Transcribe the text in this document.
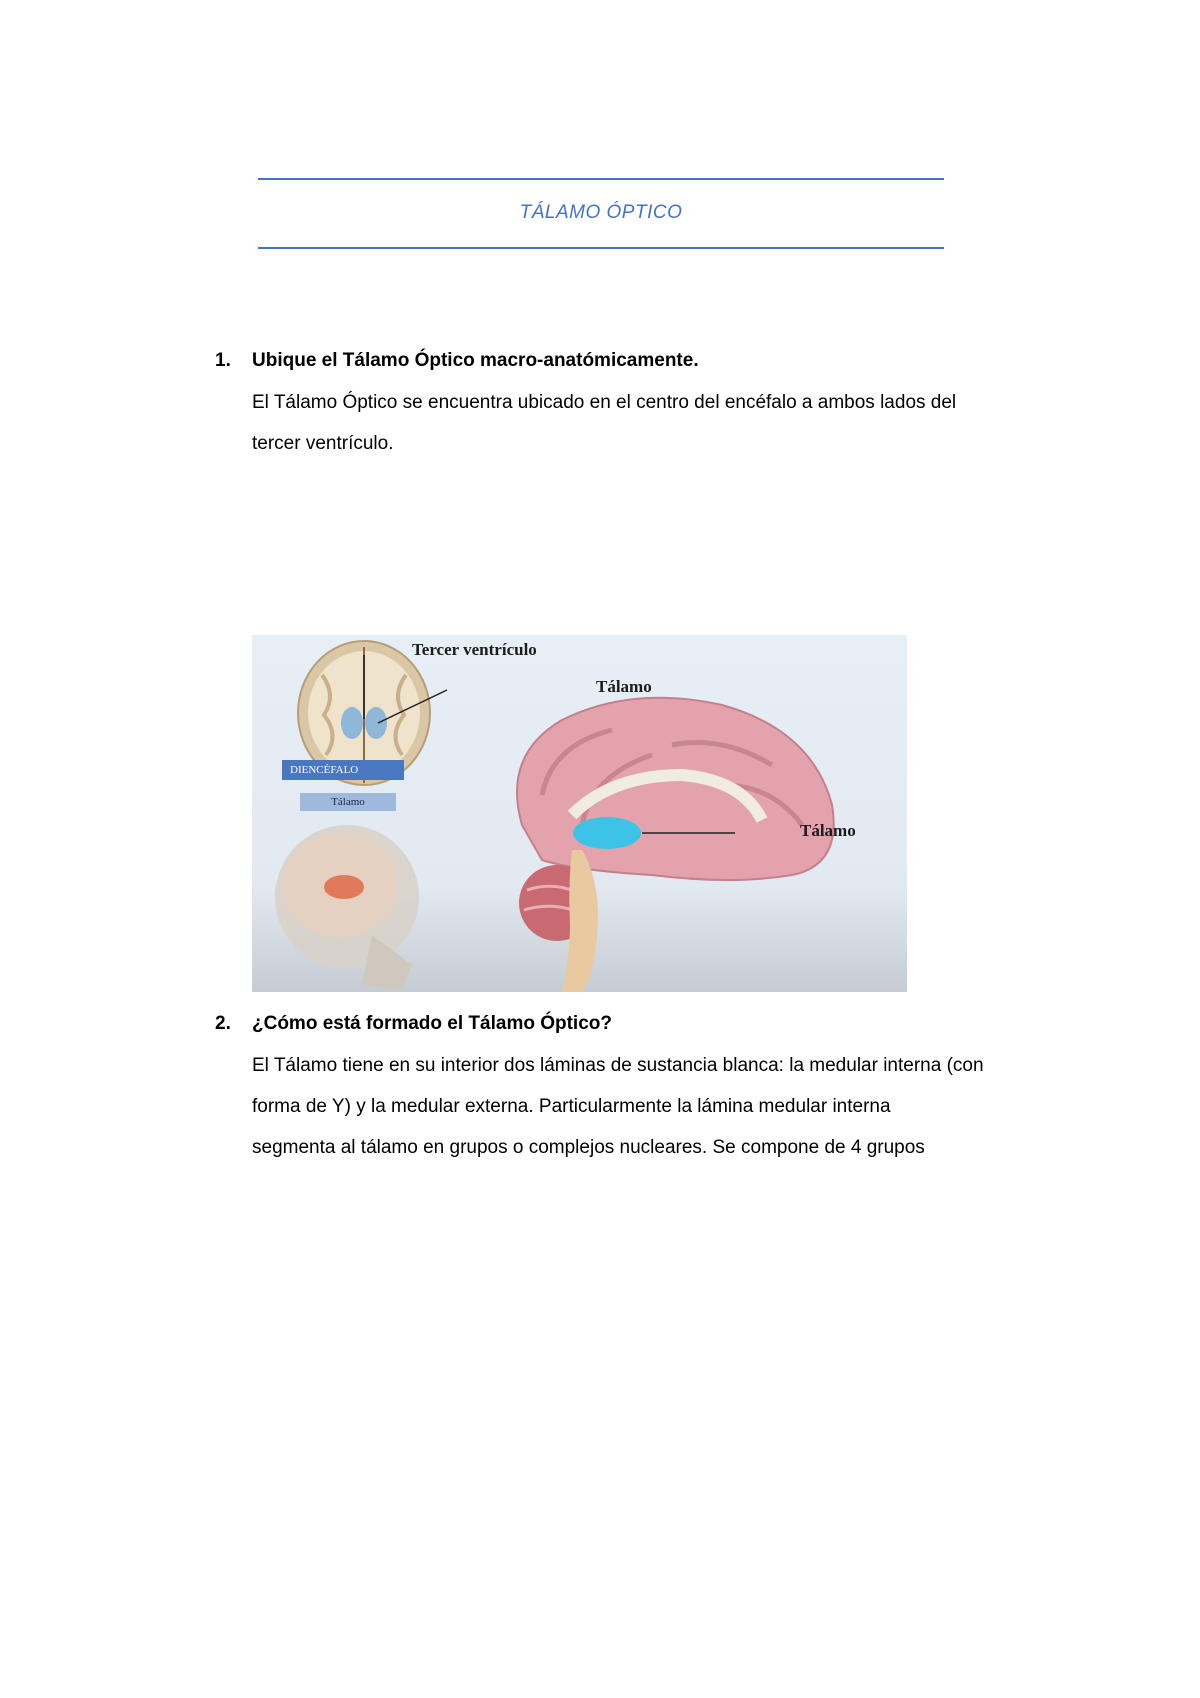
TÁLAMO ÓPTICO
1. Ubique el Tálamo Óptico macro-anatómicamente.
El Tálamo Óptico se encuentra ubicado en el centro del encéfalo a ambos lados del
tercer ventrículo.
Tercer ventrículo
Tálamo
Tálamo
DIENCÉFALO
Tálamo
2. ¿Cómo está formado el Tálamo Óptico?
El Tálamo tiene en su interior dos láminas de sustancia blanca: la medular interna (con
forma de Y) y la medular externa. Particularmente la lámina medular interna
segmenta al tálamo en grupos o complejos nucleares. Se compone de 4 grupos
